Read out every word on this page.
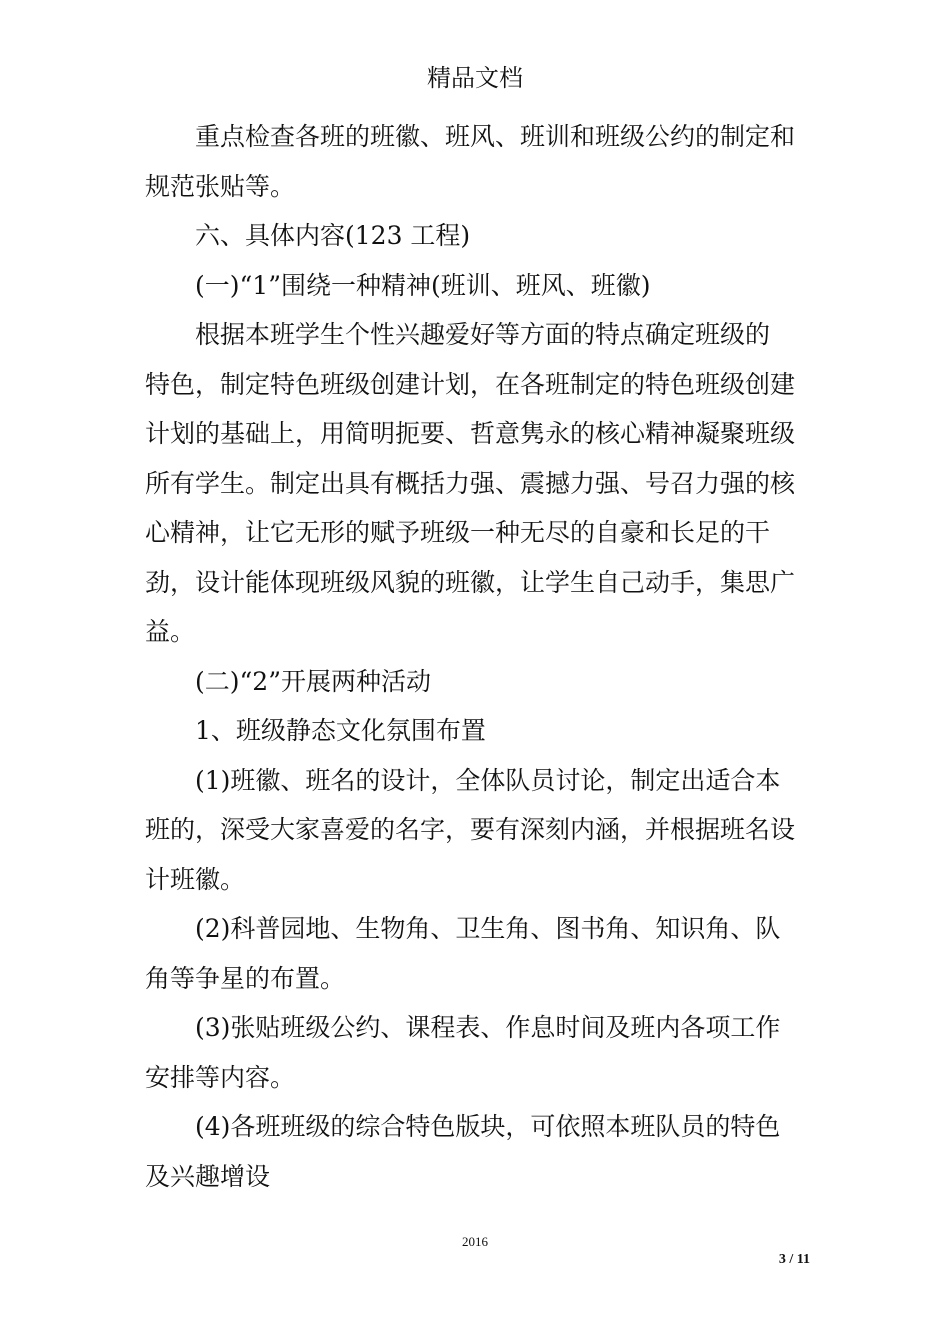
精品文档

重点检查各班的班徽、班风、班训和班级公约的制定和

规范张贴等。

六、具体内容(123 工程)

(一)“1”围绕一种精神(班训、班风、班徽)

根据本班学生个性兴趣爱好等方面的特点确定班级的

特色，制定特色班级创建计划，在各班制定的特色班级创建

计划的基础上，用简明扼要、哲意隽永的核心精神凝聚班级

所有学生。制定出具有概括力强、震撼力强、号召力强的核

心精神，让它无形的赋予班级一种无尽的自豪和长足的干

劲，设计能体现班级风貌的班徽，让学生自己动手，集思广

益。

(二)“2”开展两种活动

1、班级静态文化氛围布置

(1)班徽、班名的设计，全体队员讨论，制定出适合本

班的，深受大家喜爱的名字，要有深刻内涵，并根据班名设

计班徽。

(2)科普园地、生物角、卫生角、图书角、知识角、队

角等争星的布置。

(3)张贴班级公约、课程表、作息时间及班内各项工作

安排等内容。

(4)各班班级的综合特色版块，可依照本班队员的特色

及兴趣增设

2016
3 / 11
